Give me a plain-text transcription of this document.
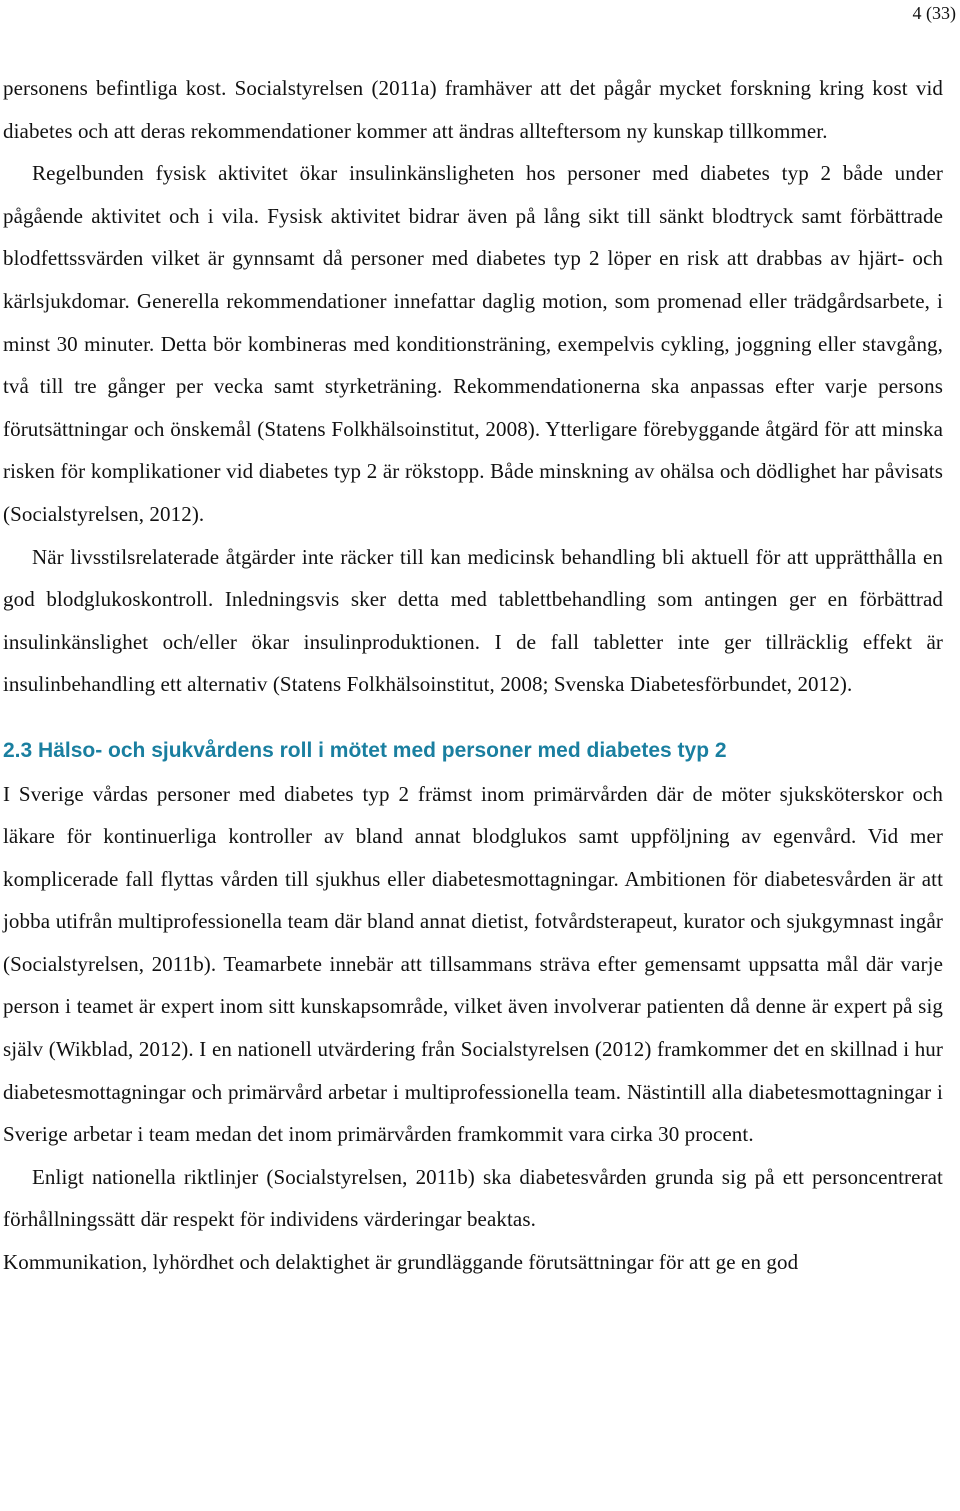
4 (33)

personens befintliga kost. Socialstyrelsen (2011a) framhäver att det pågår mycket forskning kring kost vid diabetes och att deras rekommendationer kommer att ändras allteftersom ny kunskap tillkommer.

Regelbunden fysisk aktivitet ökar insulinkänsligheten hos personer med diabetes typ 2 både under pågående aktivitet och i vila. Fysisk aktivitet bidrar även på lång sikt till sänkt blodtryck samt förbättrade blodfettssvärden vilket är gynnsamt då personer med diabetes typ 2 löper en risk att drabbas av hjärt- och kärlsjukdomar. Generella rekommendationer innefattar daglig motion, som promenad eller trädgårdsarbete, i minst 30 minuter. Detta bör kombineras med konditionsträning, exempelvis cykling, joggning eller stavgång, två till tre gånger per vecka samt styrketräning. Rekommendationerna ska anpassas efter varje persons förutsättningar och önskemål (Statens Folkhälsoinstitut, 2008). Ytterligare förebyggande åtgärd för att minska risken för komplikationer vid diabetes typ 2 är rökstopp. Både minskning av ohälsa och dödlighet har påvisats (Socialstyrelsen, 2012).

När livsstilsrelaterade åtgärder inte räcker till kan medicinsk behandling bli aktuell för att upprätthålla en god blodglukoskontroll. Inledningsvis sker detta med tablettbehandling som antingen ger en förbättrad insulinkänslighet och/eller ökar insulinproduktionen. I de fall tabletter inte ger tillräcklig effekt är insulinbehandling ett alternativ (Statens Folkhälsoinstitut, 2008; Svenska Diabetesförbundet, 2012).

2.3 Hälso- och sjukvårdens roll i mötet med personer med diabetes typ 2

I Sverige vårdas personer med diabetes typ 2 främst inom primärvården där de möter sjuksköterskor och läkare för kontinuerliga kontroller av bland annat blodglukos samt uppföljning av egenvård. Vid mer komplicerade fall flyttas vården till sjukhus eller diabetesmottagningar. Ambitionen för diabetesvården är att jobba utifrån multiprofessionella team där bland annat dietist, fotvårdsterapeut, kurator och sjukgymnast ingår (Socialstyrelsen, 2011b). Teamarbete innebär att tillsammans sträva efter gemensamt uppsatta mål där varje person i teamet är expert inom sitt kunskapsområde, vilket även involverar patienten då denne är expert på sig själv (Wikblad, 2012). I en nationell utvärdering från Socialstyrelsen (2012) framkommer det en skillnad i hur diabetesmottagningar och primärvård arbetar i multiprofessionella team. Nästintill alla diabetesmottagningar i Sverige arbetar i team medan det inom primärvården framkommit vara cirka 30 procent.

Enligt nationella riktlinjer (Socialstyrelsen, 2011b) ska diabetesvården grunda sig på ett personcentrerat förhållningssätt där respekt för individens värderingar beaktas.

Kommunikation, lyhördhet och delaktighet är grundläggande förutsättningar för att ge en god
